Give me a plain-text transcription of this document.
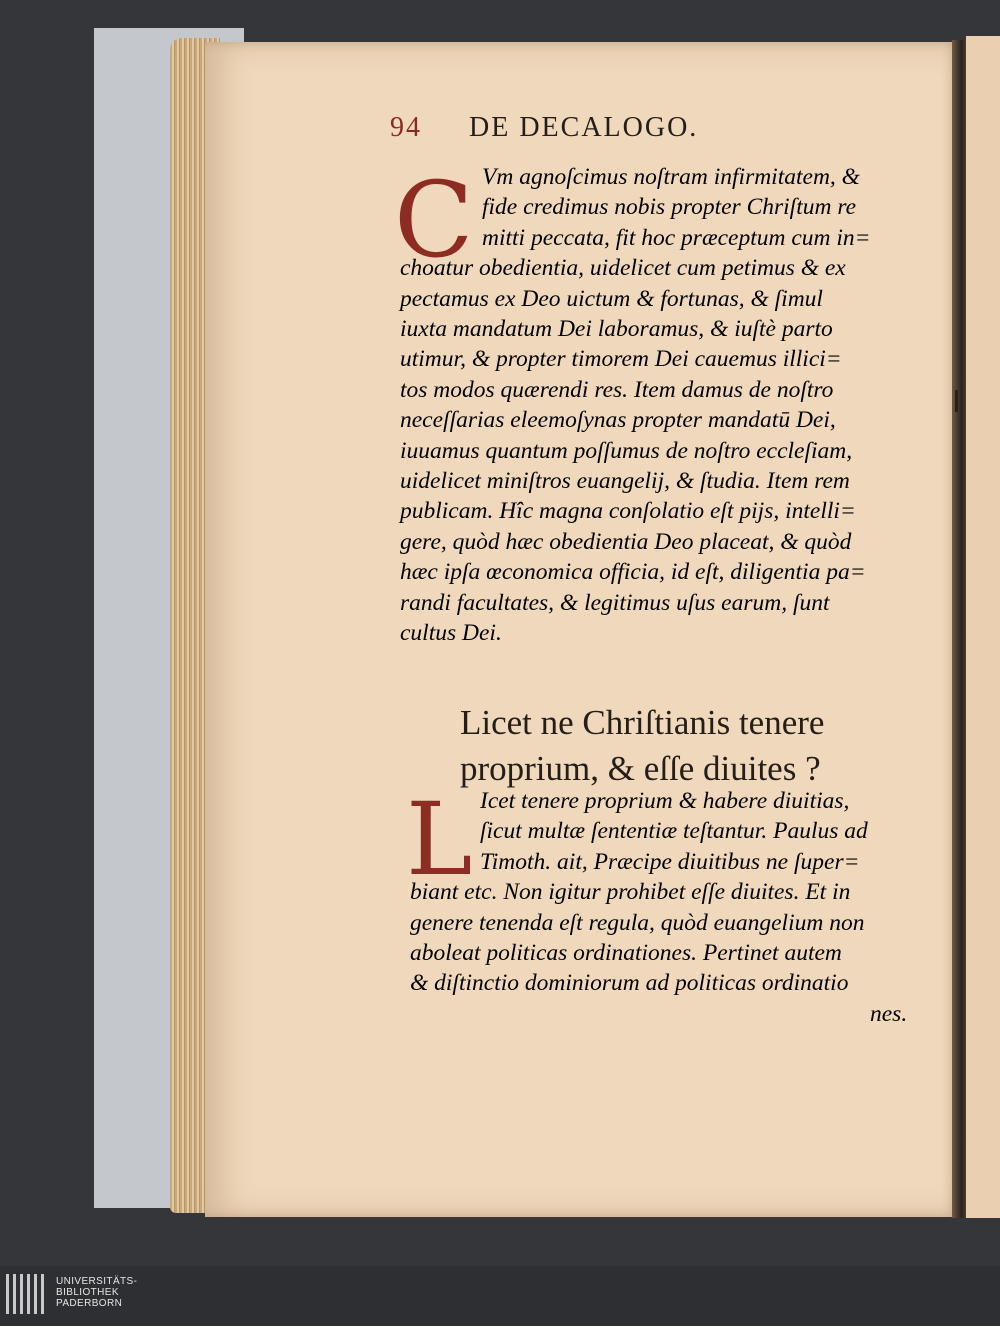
94 DE DECALOGO.
C Vm agnoſcimus noſtram infirmitatem, &
fide credimus nobis propter Chriſtum re
mitti peccata, fit hoc præceptum cum in=
choatur obedientia, uidelicet cum petimus & ex
pectamus ex Deo uictum & fortunas, & ſimul
iuxta mandatum Dei laboramus, & iuſtè parto
utimur, & propter timorem Dei cauemus illici=
tos modos quærendi res. Item damus de noſtro
neceſſarias eleemoſynas propter mandatū Dei,
iuuamus quantum poſſumus de noſtro eccleſiam,
uidelicet miniſtros euangelij, & ſtudia. Item rem
publicam. Hîc magna conſolatio eſt pijs, intelli=
gere, quòd hæc obedientia Deo placeat, & quòd
hæc ipſa œconomica officia, id eſt, diligentia pa=
randi facultates, & legitimus uſus earum, ſunt
cultus Dei.
Licet ne Chriſtianis tenere
proprium, & eſſe diuites ?
L Icet tenere proprium & habere diuitias,
ſicut multæ ſententiæ teſtantur. Paulus ad
Timoth. ait, Præcipe diuitibus ne ſuper=
biant etc. Non igitur prohibet eſſe diuites. Et in
genere tenenda eſt regula, quòd euangelium non
aboleat politicas ordinationes. Pertinet autem
& diſtinctio dominiorum ad politicas ordinatio
nes.
UNIVERSITÄTS-
BIBLIOTHEK
PADERBORN
